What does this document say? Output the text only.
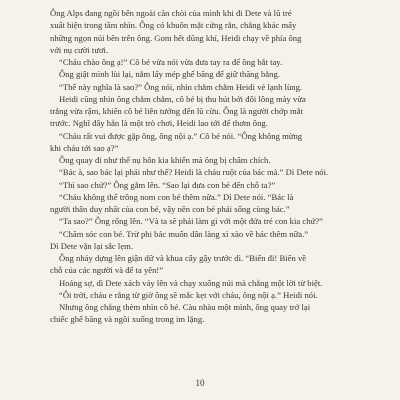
Ông Alps đang ngồi bên ngoài căn chòi của mình khi đi Dete và lũ trẻ
xuất hiện trong tầm nhìn. Ông có khuôn mặt cứng rắn, chẳng khác mấy
những ngọn núi bên trên ông. Gom hết dũng khí, Heidi chạy về phía ông
với nụ cười tươi.
“Cháu chào ông ạ!” Cô bé vừa nói vừa đưa tay ra để ông bắt tay.
Ông giật mình lùi lại, nắm lấy mép ghế băng để giữ thăng bằng.
“Thế này nghĩa là sao?” Ông nói, nhìn chằm chằm Heidi vẻ lạnh lùng.
Heidi cũng nhìn ông chằm chằm, cô bé bị thu hút bởi đôi lông mày vừa
trắng vừa rậm, khiến cô bé liên tưởng đến lũ cừu. Ông là người chớp mắt
trước. Nghĩ đây hẳn là một trò chơi, Heidi lao tới để thơm ông.
“Cháu rất vui được gặp ông, ông nội ạ.” Cô bé nói. “Ông không mừng
khi cháu tới sao ạ?”
Ông quay đi như thể nụ hôn kia khiến mà ông bị châm chích.
“Bác à, sao bác lại phải như thế? Heidi là cháu ruột của bác mà.” Dì Dete nói.
“Thì sao chứ?” Ông gằm lên. “Sao lại đưa con bé đến chỗ ta?”
“Cháu không thể trông nom con bé thêm nữa.” Dì Dete nói. “Bác là
người thân duy nhất của con bé, vậy nên con bé phải sống cùng bác.”
“Ta sao?” Ông rống lên. “Và ta sẽ phải làm gì với một đứa trẻ con kia chứ?”
“Chăm sóc con bé. Trừ phi bác muốn dân làng xì xào về bác thêm nữa.”
Dì Dete vặn lại sắc lẹm.
Ông nhảy dựng lên giận dữ và khua cây gậy trước dì. “Biến đi! Biến về
chỗ của các người và để ta yên!”
Hoảng sợ, dì Dete xách váy lên và chạy xuống núi mà chẳng một lời từ biệt.
“Ôi trời, cháu e rằng từ giờ ông sẽ mắc kẹt với cháu, ông nội ạ.” Heidi nói.
Nhưng ông chẳng thèm nhìn cô bé. Càu nhàu một mình, ông quay trở lại
chiếc ghế băng và ngồi xuống trong im lặng.
10
